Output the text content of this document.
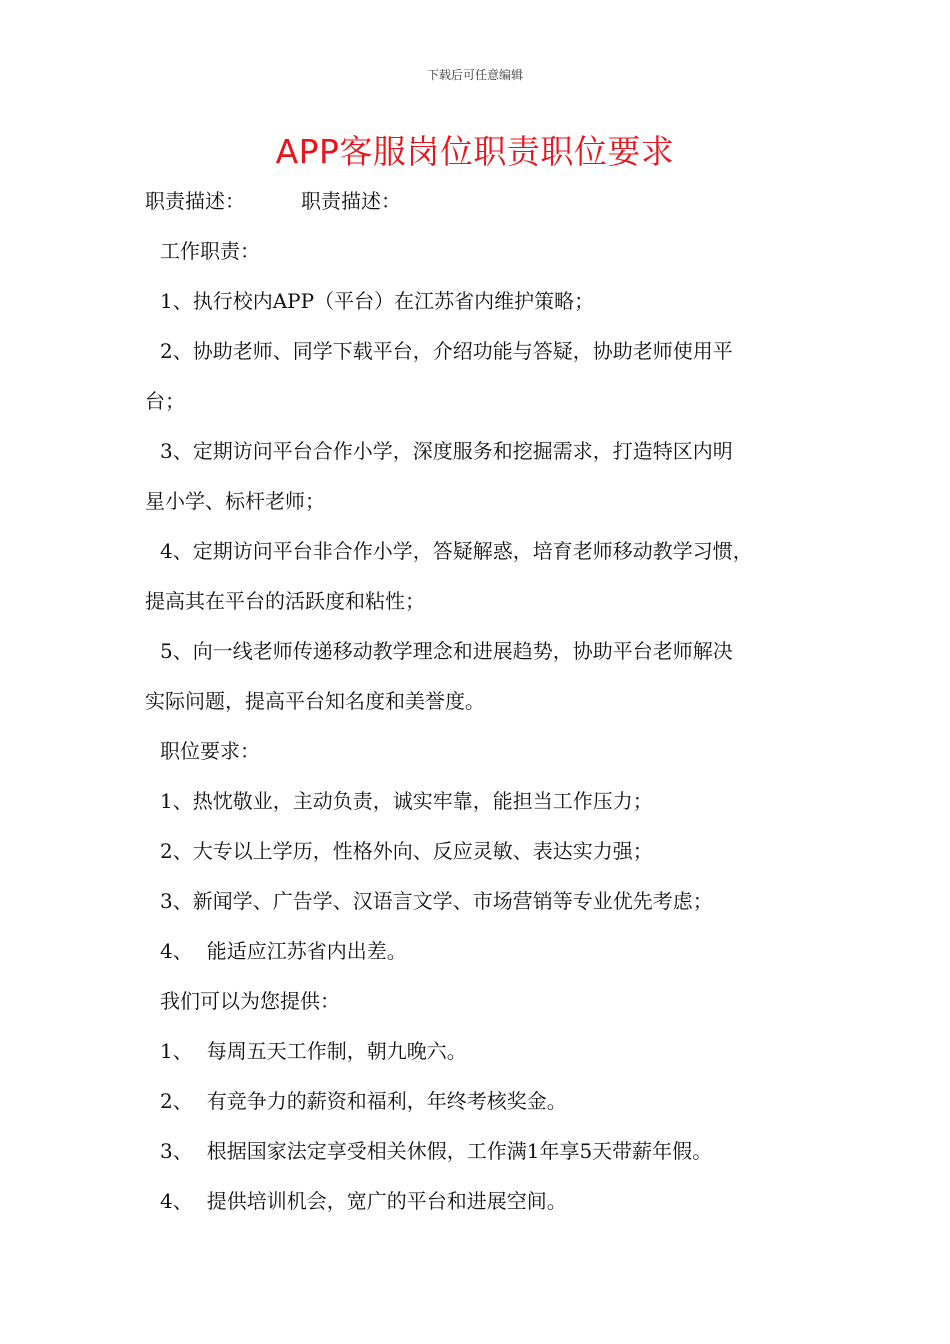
下载后可任意编辑
APP客服岗位职责职位要求
职责描述：	职责描述：
工作职责：
1、执行校内APP（平台）在江苏省内维护策略；
2、协助老师、同学下载平台，介绍功能与答疑，协助老师使用平
台；
3、定期访问平台合作小学，深度服务和挖掘需求，打造特区内明
星小学、标杆老师；
4、定期访问平台非合作小学，答疑解惑，培育老师移动教学习惯，
提高其在平台的活跃度和粘性；
5、向一线老师传递移动教学理念和进展趋势，协助平台老师解决
实际问题，提高平台知名度和美誉度。
职位要求：
1、热忱敬业，主动负责，诚实牢靠，能担当工作压力；
2、大专以上学历，性格外向、反应灵敏、表达实力强；
3、新闻学、广告学、汉语言文学、市场营销等专业优先考虑；
4、 能适应江苏省内出差。
我们可以为您提供：
1、 每周五天工作制，朝九晚六。
2、 有竞争力的薪资和福利，年终考核奖金。
3、 根据国家法定享受相关休假，工作满1年享5天带薪年假。
4、 提供培训机会，宽广的平台和进展空间。
